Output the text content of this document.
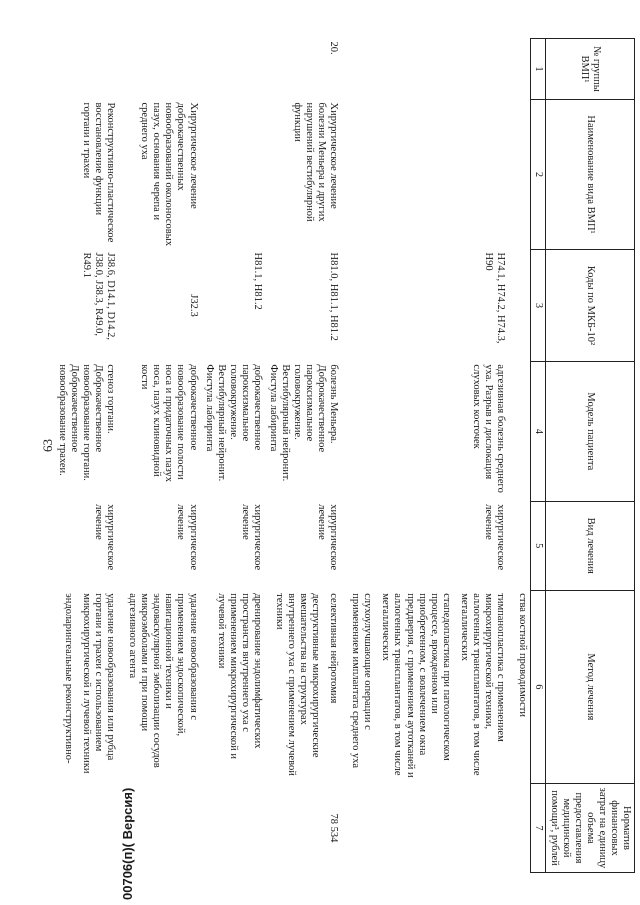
63
№ группы ВМП¹	Наименование вида ВМП¹	Коды по МКБ-10²	Модель пациента	Вид лечения	Метод лечения	Норматив финансовых затрат на единицу объема предоставления медицинской помощи³, рублей
1	2	3	4	5	6	7

					ства костной проводимости	

		H74.1, H74.2, H74.3, H90	адгезивная болезнь среднего уха. Разрыв и дислокация слуховых косточек	хирургическое лечение	тимпанопластика с применением микрохирургической техники, аллогенных трансплантатов, в том числе металлических
стапедопластика при патологическом процессе, врожденном или приобретенном, с вовлечением окна преддверия, с применением аутотканей и аллогенных трансплантатов, в том числе металлических
слухоулучшающие операции с применением имплантата среднего уха	

20.	Хирургическое лечение болезни Меньера и других нарушений вестибулярной функции	H81.0, H81.1, H81.2	болезнь Меньера. Доброкачественное пароксизмальное головокружение. Вестибулярный нейронит. Фистула лабиринта	хирургическое лечение	селективная нейротомия
деструктивные микрохирургические вмешательства на структурах внутреннего уха с применением лучевой техники	78 534
		H81.1, H81.2	доброкачественное пароксизмальное головокружение. Вестибулярный нейронит. Фистула лабиринта	хирургическое лечение	дренирование эндолимфатических пространств внутреннего уха с применением микрохирургической и лучевой техники	

	Хирургическое лечение доброкачественных новообразований околоносовых пазух, основания черепа и среднего уха	J32.3	доброкачественное новообразование полости носа и придаточных пазух носа, пазух клиновидной кости	хирургическое лечение	удаление новообразования с применением эндоскопической, навигационной техники и эндоваскулярной эмболизации сосудов микроэмболами и при помощи адгезивного агента	

	Реконструктивно-пластическое восстановление функции гортани и трахеи	J38.6, D14.1, D14.2, J38.0, J38.3, R49.0, R49.1	стеноз гортани. Доброкачественное новообразование гортани. Доброкачественное новообразование трахеи.	хирургическое лечение	удаление новообразования или рубца гортани и трахеи с использованием микрохирургической и лучевой техники
эндоларингеальные реконструктивно-	

00706(п)( Версия)
